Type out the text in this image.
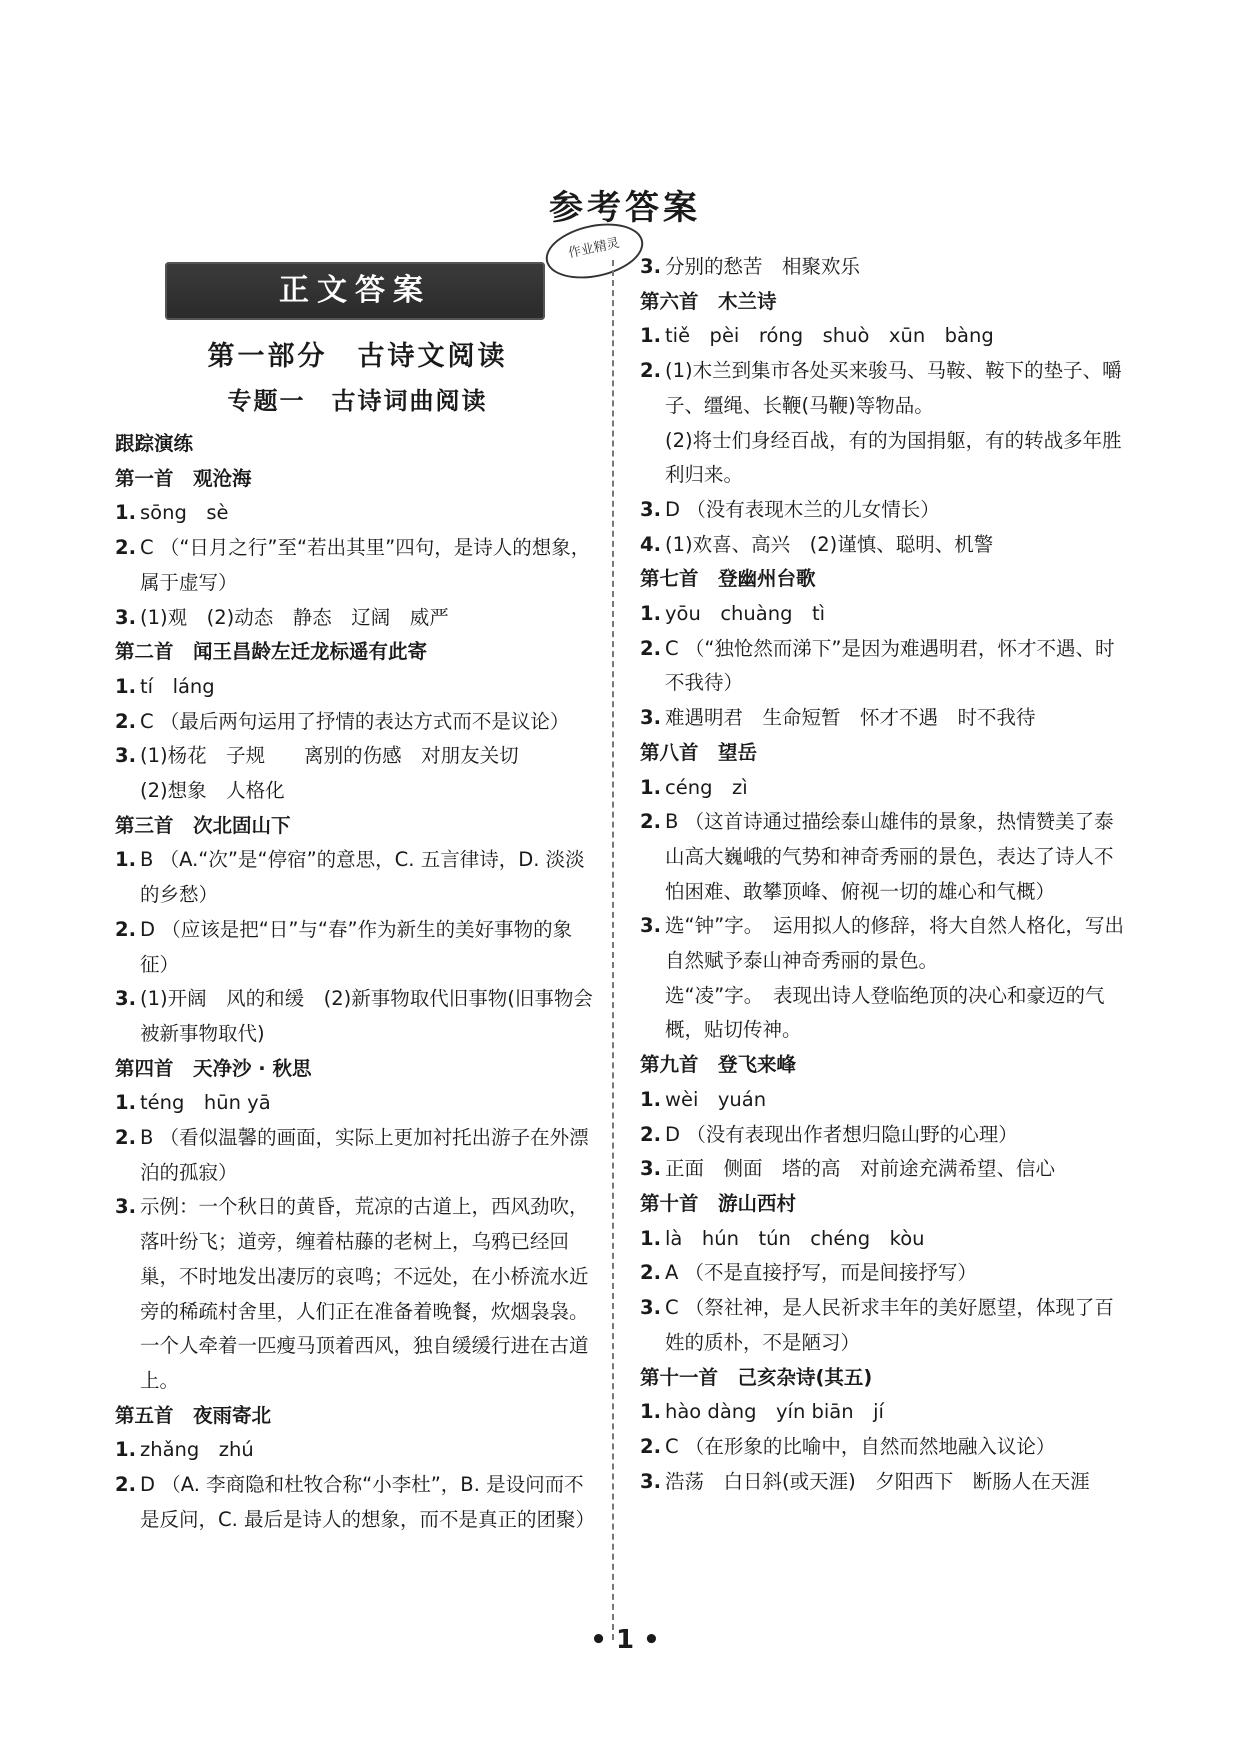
参考答案
作业精灵
正文答案
第一部分　古诗文阅读
专题一　古诗词曲阅读
跟踪演练
第一首　观沧海
1. sōng　sè
2. C （“日月之行”至“若出其里”四句，是诗人的想象，属于虚写）
3. (1)观　(2)动态　静态　辽阔　威严
第二首　闻王昌龄左迁龙标遥有此寄
1. tí　láng
2. C （最后两句运用了抒情的表达方式而不是议论）
3. (1)杨花　子规　　离别的伤感　对朋友关切
(2)想象　人格化
第三首　次北固山下
1. B （A.“次”是“停宿”的意思，C. 五言律诗，D. 淡淡的乡愁）
2. D （应该是把“日”与“春”作为新生的美好事物的象征）
3. (1)开阔　风的和缓　(2)新事物取代旧事物(旧事物会被新事物取代)
第四首　天净沙 · 秋思
1. téng　hūn yā
2. B （看似温馨的画面，实际上更加衬托出游子在外漂泊的孤寂）
3. 示例：一个秋日的黄昏，荒凉的古道上，西风劲吹，落叶纷飞；道旁，缠着枯藤的老树上，乌鸦已经回巢，不时地发出凄厉的哀鸣；不远处，在小桥流水近旁的稀疏村舍里，人们正在准备着晚餐，炊烟袅袅。一个人牵着一匹瘦马顶着西风，独自缓缓行进在古道上。
第五首　夜雨寄北
1. zhǎng　zhú
2. D （A. 李商隐和杜牧合称“小李杜”，B. 是设问而不是反问，C. 最后是诗人的想象，而不是真正的团聚）
3. 分别的愁苦　相聚欢乐
第六首　木兰诗
1. tiě　pèi　róng　shuò　xūn　bàng
2. (1)木兰到集市各处买来骏马、马鞍、鞍下的垫子、嚼子、缰绳、长鞭(马鞭)等物品。
(2)将士们身经百战，有的为国捐躯，有的转战多年胜利归来。
3. D （没有表现木兰的儿女情长）
4. (1)欢喜、高兴　(2)谨慎、聪明、机警
第七首　登幽州台歌
1. yōu　chuàng　tì
2. C （“独怆然而涕下”是因为难遇明君，怀才不遇、时不我待）
3. 难遇明君　生命短暂　怀才不遇　时不我待
第八首　望岳
1. céng　zì
2. B （这首诗通过描绘泰山雄伟的景象，热情赞美了泰山高大巍峨的气势和神奇秀丽的景色，表达了诗人不怕困难、敢攀顶峰、俯视一切的雄心和气概）
3. 选“钟”字。　运用拟人的修辞，将大自然人格化，写出自然赋予泰山神奇秀丽的景色。
选“凌”字。　表现出诗人登临绝顶的决心和豪迈的气概，贴切传神。
第九首　登飞来峰
1. wèi　yuán
2. D （没有表现出作者想归隐山野的心理）
3. 正面　侧面　塔的高　对前途充满希望、信心
第十首　游山西村
1. là　hún　tún　chéng　kòu
2. A （不是直接抒写，而是间接抒写）
3. C （祭社神，是人民祈求丰年的美好愿望，体现了百姓的质朴，不是陋习）
第十一首　己亥杂诗(其五)
1. hào dàng　yín biān　jí
2. C （在形象的比喻中，自然而然地融入议论）
3. 浩荡　白日斜(或天涯)　夕阳西下　断肠人在天涯
• 1 •
